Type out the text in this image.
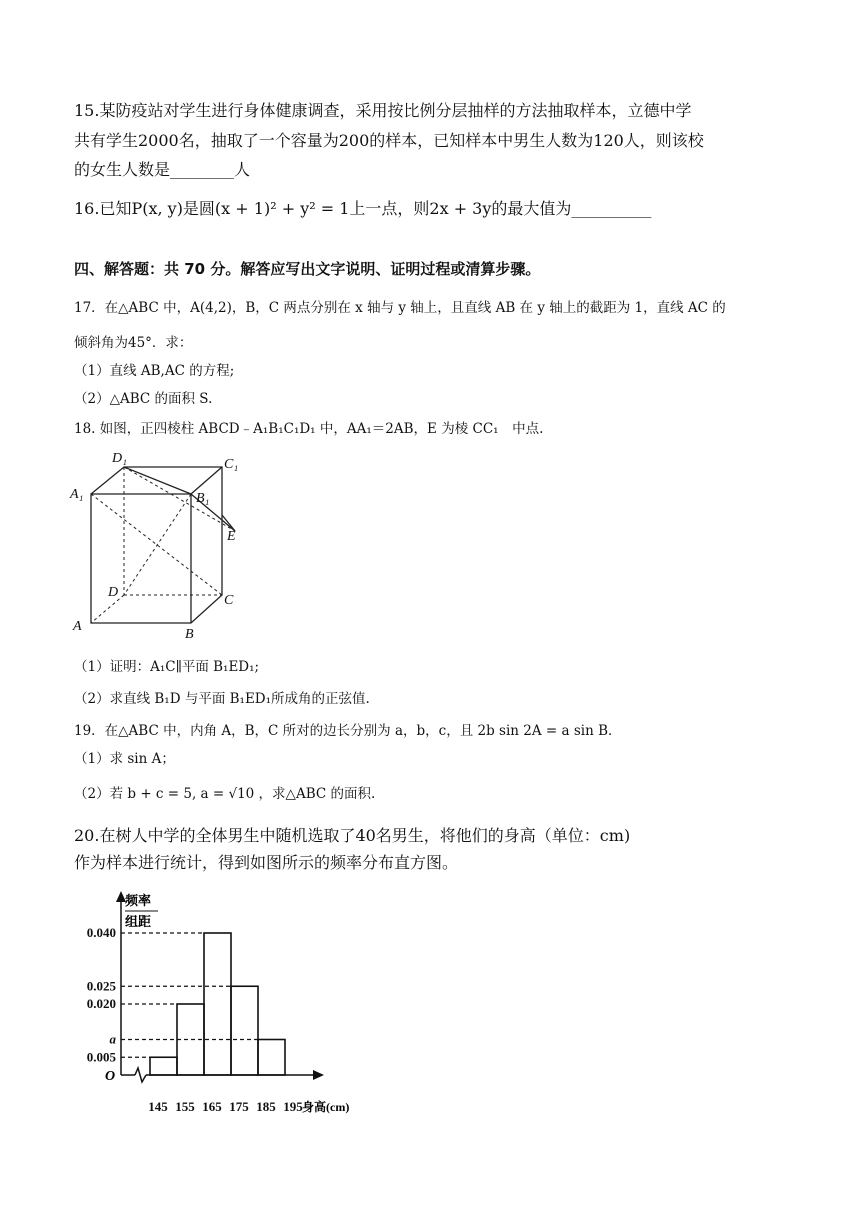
15.某防疫站对学生进行身体健康调查，采用按比例分层抽样的方法抽取样本，立德中学
共有学生2000名，抽取了一个容量为200的样本，已知样本中男生人数为120人，则该校
的女生人数是________人
16.已知P(x, y)是圆(x + 1)² + y² = 1上一点，则2x + 3y的最大值为__________
四、解答题：共 70 分。解答应写出文字说明、证明过程或清算步骤。
17．在△ABC 中，A(4,2)，B，C 两点分别在 x 轴与 y 轴上，且直线 AB 在 y 轴上的截距为 1，直线 AC 的
倾斜角为45°．求：
（1）直线 AB,AC 的方程;
（2）△ABC 的面积 S.
18. 如图，正四棱柱 ABCD﹣A₁B₁C₁D₁ 中，AA₁＝2AB，E 为棱 CC₁　中点.
D₁	C₁
A₁	B₁
E
D
C
A
B
（1）证明：A₁C∥平面 B₁ED₁;
（2）求直线 B₁D 与平面 B₁ED₁所成角的正弦值.
19．在△ABC 中，内角 A，B，C 所对的边长分别为 a，b，c，且 2b sin 2A = a sin B．
（1）求 sin A；
（2）若 b + c = 5, a = √10 ，求△ABC 的面积.
20.在树人中学的全体男生中随机选取了40名男生，将他们的身高（单位：cm)
作为样本进行统计，得到如图所示的频率分布直方图。
0.040
0.025
0.020
a
0.005
145 155 165 175 185 195
频率
组距
O
身高(cm)
